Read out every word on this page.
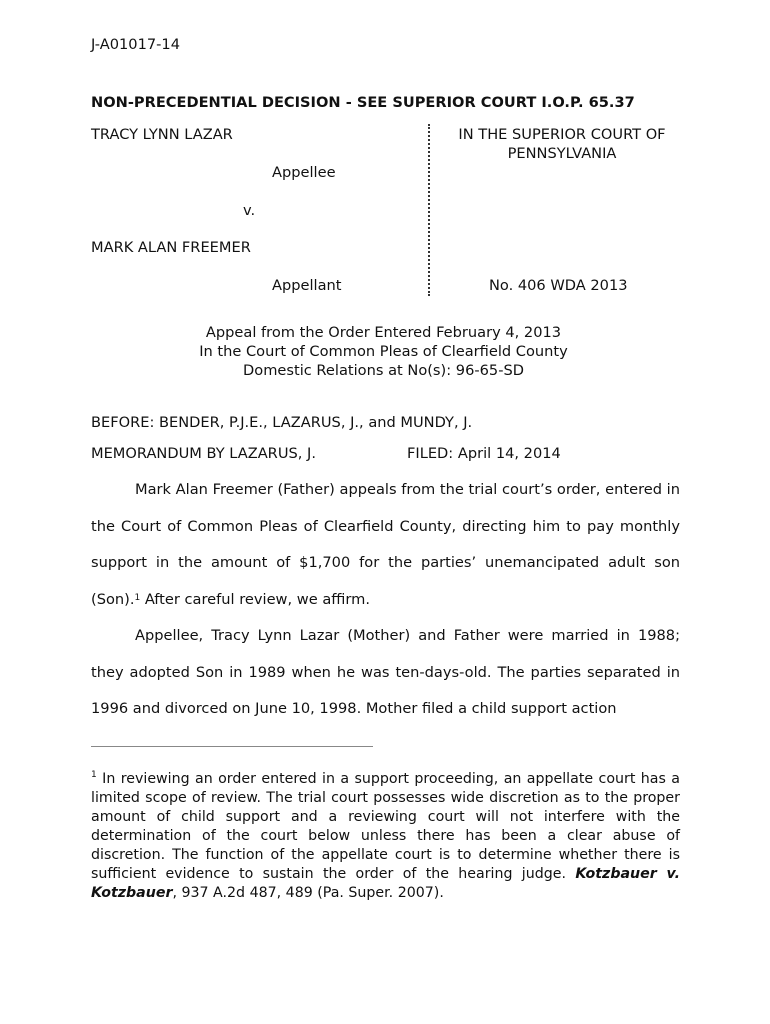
J-A01017-14
NON-PRECEDENTIAL DECISION - SEE SUPERIOR COURT I.O.P. 65.37
TRACY LYNN LAZAR
Appellee
v.
MARK ALAN FREEMER
Appellant
IN THE SUPERIOR COURT OF
PENNSYLVANIA
No. 406 WDA 2013
Appeal from the Order Entered February 4, 2013
In the Court of Common Pleas of Clearfield County
Domestic Relations at No(s): 96-65-SD
BEFORE: BENDER, P.J.E., LAZARUS, J., and MUNDY, J.
MEMORANDUM BY LAZARUS, J.	FILED: April 14, 2014
Mark Alan Freemer (Father) appeals from the trial court’s order, entered in the Court of Common Pleas of Clearfield County, directing him to pay monthly support in the amount of $1,700 for the parties’ unemancipated adult son (Son).$^1$ After careful review, we affirm.
Appellee, Tracy Lynn Lazar (Mother) and Father were married in 1988; they adopted Son in 1989 when he was ten-days-old. The parties separated in 1996 and divorced on June 10, 1998. Mother filed a child support action
$^1$ In reviewing an order entered in a support proceeding, an appellate court has a limited scope of review. The trial court possesses wide discretion as to the proper amount of child support and a reviewing court will not interfere with the determination of the court below unless there has been a clear abuse of discretion. The function of the appellate court is to determine whether there is sufficient evidence to sustain the order of the hearing judge. Kotzbauer v. Kotzbauer, 937 A.2d 487, 489 (Pa. Super. 2007).
